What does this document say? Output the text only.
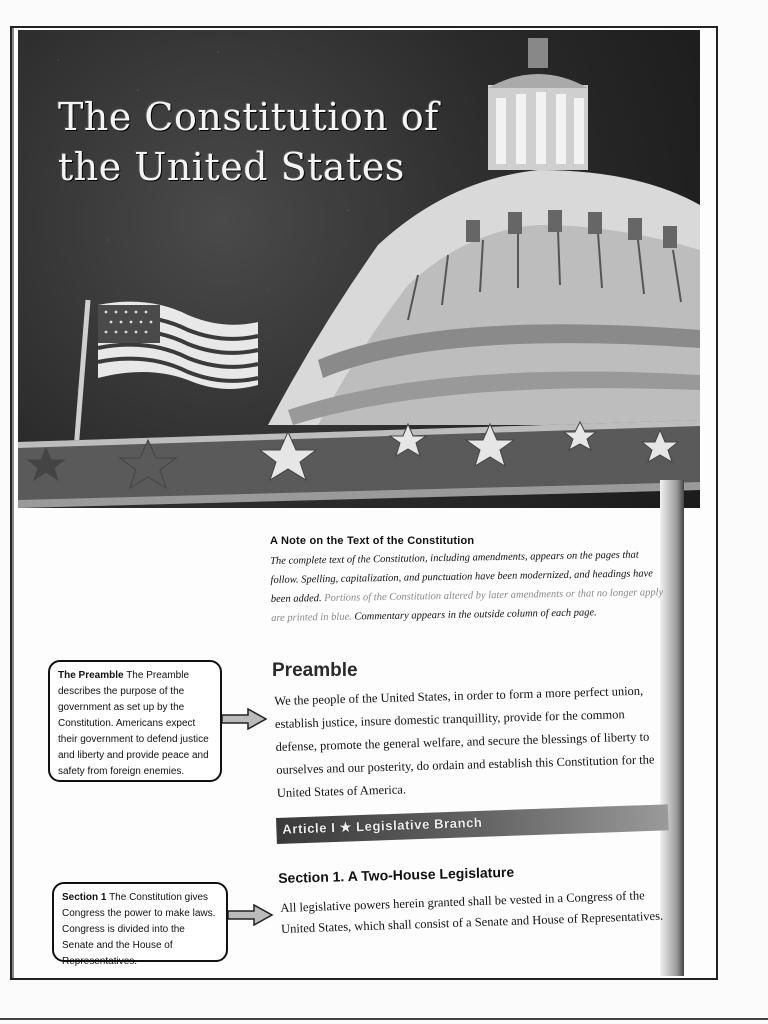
The Constitution of
the United States
A Note on the Text of the Constitution
The complete text of the Constitution, including amendments, appears on the pages that follow. Spelling, capitalization, and punctuation have been modernized, and headings have been added. Portions of the Constitution altered by later amendments or that no longer apply are printed in blue. Commentary appears in the outside column of each page.
The Preamble The Preamble describes the purpose of the government as set up by the Constitution. Americans expect their government to defend justice and liberty and provide peace and safety from foreign enemies.
Preamble
We the people of the United States, in order to form a more perfect union, establish justice, insure domestic tranquillity, provide for the common defense, promote the general welfare, and secure the blessings of liberty to ourselves and our posterity, do ordain and establish this Constitution for the United States of America.
Article I ★ Legislative Branch
Section 1 The Constitution gives Congress the power to make laws. Congress is divided into the Senate and the House of Representatives.
Section 1. A Two-House Legislature
All legislative powers herein granted shall be vested in a Congress of the United States, which shall consist of a Senate and House of Representatives.
